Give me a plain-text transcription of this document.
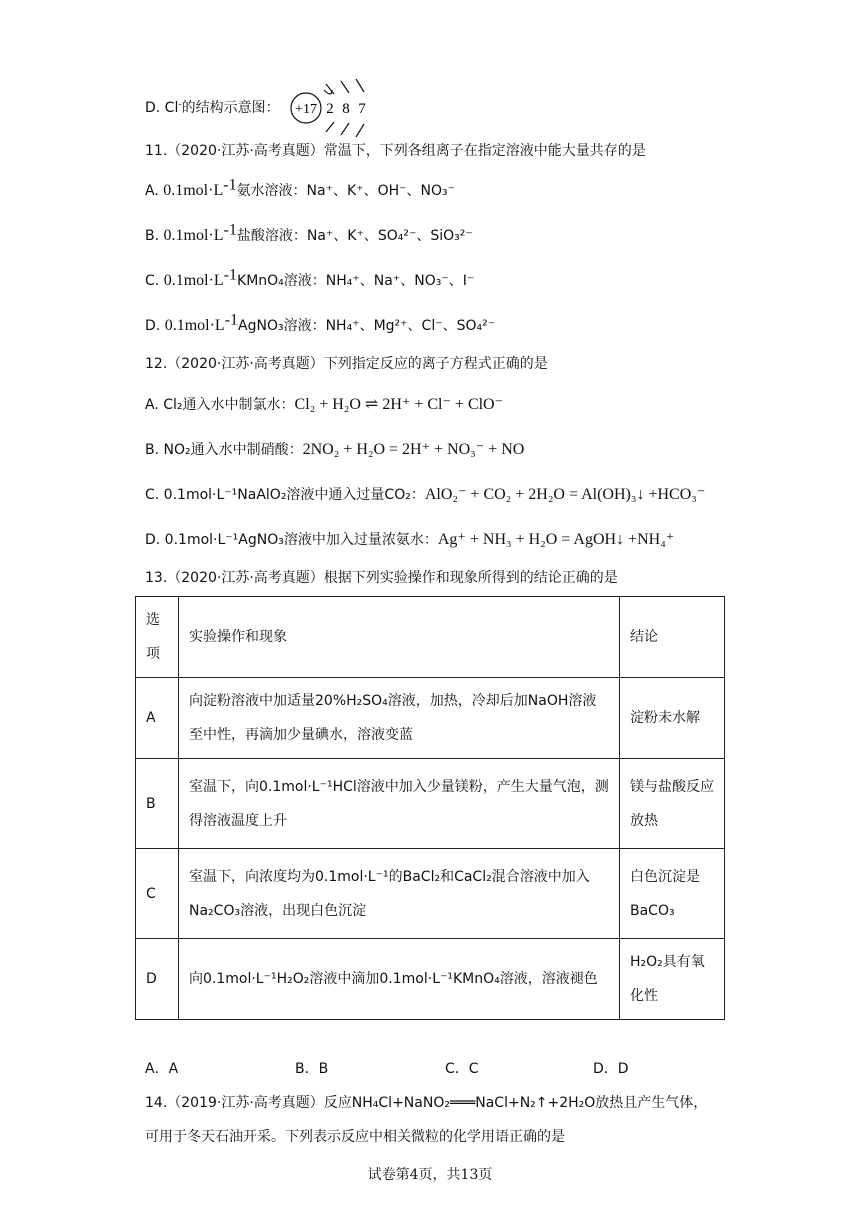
D. Cl-的结构示意图： +17 2 8 7
11.（2020·江苏·高考真题）常温下，下列各组离子在指定溶液中能大量共存的是
A. $0.1mol\cdot L^{-1}$氨水溶液：Na⁺、K⁺、OH⁻、NO₃⁻
B. $0.1mol\cdot L^{-1}$盐酸溶液：Na⁺、K⁺、SO₄²⁻、SiO₃²⁻
C. $0.1mol\cdot L^{-1}KMnO_4$溶液：NH₄⁺、Na⁺、NO₃⁻、I⁻
D. $0.1mol\cdot L^{-1}AgNO_3$溶液：NH₄⁺、Mg²⁺、Cl⁻、SO₄²⁻
12.（2020·江苏·高考真题）下列指定反应的离子方程式正确的是
A. Cl₂通入水中制氯水：Cl₂ + H₂O ⇌ 2H⁺ + Cl⁻ + ClO⁻
B. NO₂通入水中制硝酸：2NO₂ + H₂O = 2H⁺ + NO₃⁻ + NO
C. 0.1mol·L⁻¹NaAlO₂溶液中通入过量CO₂：AlO₂⁻ + CO₂ + 2H₂O = Al(OH)₃↓ +HCO₃⁻
D. 0.1mol·L⁻¹AgNO₃溶液中加入过量浓氨水：Ag⁺ + NH₃ + H₂O = AgOH↓ +NH₄⁺
13.（2020·江苏·高考真题）根据下列实验操作和现象所得到的结论正确的是
选项	实验操作和现象	结论
A	向淀粉溶液中加适量20%H₂SO₄溶液，加热，冷却后加NaOH溶液至中性，再滴加少量碘水，溶液变蓝	淀粉未水解
B	室温下，向0.1mol·L⁻¹HCl溶液中加入少量镁粉，产生大量气泡，测得溶液温度上升	镁与盐酸反应放热
C	室温下，向浓度均为0.1mol·L⁻¹的BaCl₂和CaCl₂混合溶液中加入Na₂CO₃溶液，出现白色沉淀	白色沉淀是BaCO₃
D	向0.1mol·L⁻¹H₂O₂溶液中滴加0.1mol·L⁻¹KMnO₄溶液，溶液褪色	H₂O₂具有氧化性
A．A	B．B	C．C	D．D
14.（2019·江苏·高考真题）反应NH₄Cl+NaNO₂═══NaCl+N₂↑+2H₂O放热且产生气体，
可用于冬天石油开采。下列表示反应中相关微粒的化学用语正确的是
试卷第4页，共13页
